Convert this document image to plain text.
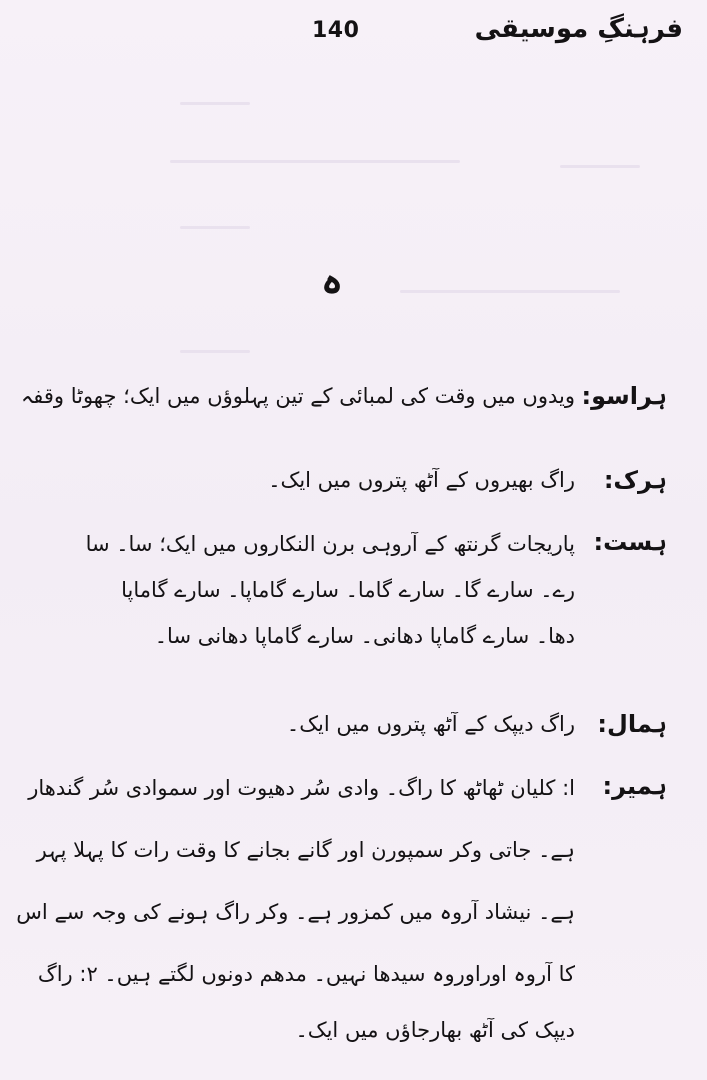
140	فرہنگِ موسیقی
ہ
ہراسو:
ویدوں میں وقت کی لمبائی کے تین پہلوؤں میں ایک؛ چھوٹا وقفہ
ہرک:
راگ بھیروں کے آٹھ پتروں میں ایک۔
ہست:
پاریجات گرنتھ کے آروہی برن النکاروں میں ایک؛ سا۔ سا
رے۔ سارے گا۔ سارے گاما۔ سارے گاماپا۔ سارے گاماپا
دھا۔ سارے گاماپا دھانی۔ سارے گاماپا دھانی سا۔
ہمال:
راگ دیپک کے آٹھ پتروں میں ایک۔
ہمیر:
ا: کلیان ٹھاٹھ کا راگ۔ وادی سُر دھیوت اور سموادی سُر گندھار
ہے۔ جاتی وکر سمپورن اور گانے بجانے کا وقت رات کا پہلا پہر
ہے۔ نیشاد آروہ میں کمزور ہے۔ وکر راگ ہونے کی وجہ سے اس
کا آروہ اوراوروہ سیدھا نہیں۔ مدھم دونوں لگتے ہیں۔ ۲: راگ
دیپک کی آٹھ بھارجاؤں میں ایک۔
